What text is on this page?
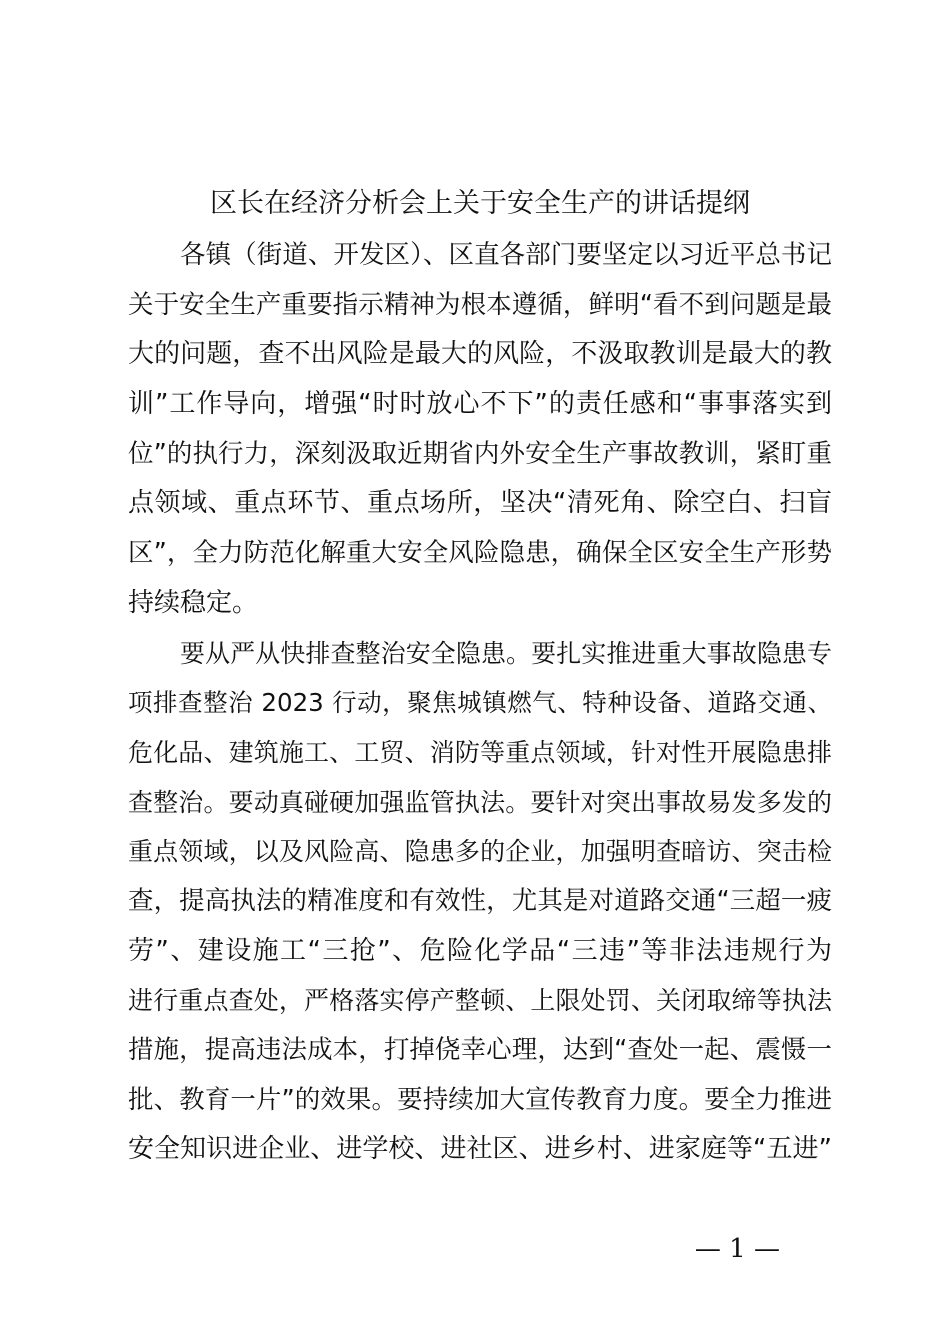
区长在经济分析会上关于安全生产的讲话提纲
各镇（街道、开发区）、区直各部门要坚定以习近平总书记
关于安全生产重要指示精神为根本遵循，鲜明“看不到问题是最
大的问题，查不出风险是最大的风险，不汲取教训是最大的教
训”工作导向，增强“时时放心不下”的责任感和“事事落实到
位”的执行力，深刻汲取近期省内外安全生产事故教训，紧盯重
点领域、重点环节、重点场所，坚决“清死角、除空白、扫盲
区”，全力防范化解重大安全风险隐患，确保全区安全生产形势
持续稳定。
要从严从快排查整治安全隐患。要扎实推进重大事故隐患专
项排查整治 2023 行动，聚焦城镇燃气、特种设备、道路交通、
危化品、建筑施工、工贸、消防等重点领域，针对性开展隐患排
查整治。要动真碰硬加强监管执法。要针对突出事故易发多发的
重点领域，以及风险高、隐患多的企业，加强明查暗访、突击检
查，提高执法的精准度和有效性，尤其是对道路交通“三超一疲
劳”、建设施工“三抢”、危险化学品“三违”等非法违规行为
进行重点查处，严格落实停产整顿、上限处罚、关闭取缔等执法
措施，提高违法成本，打掉侥幸心理，达到“查处一起、震慑一
批、教育一片”的效果。要持续加大宣传教育力度。要全力推进
安全知识进企业、进学校、进社区、进乡村、进家庭等“五进”
— 1 —
